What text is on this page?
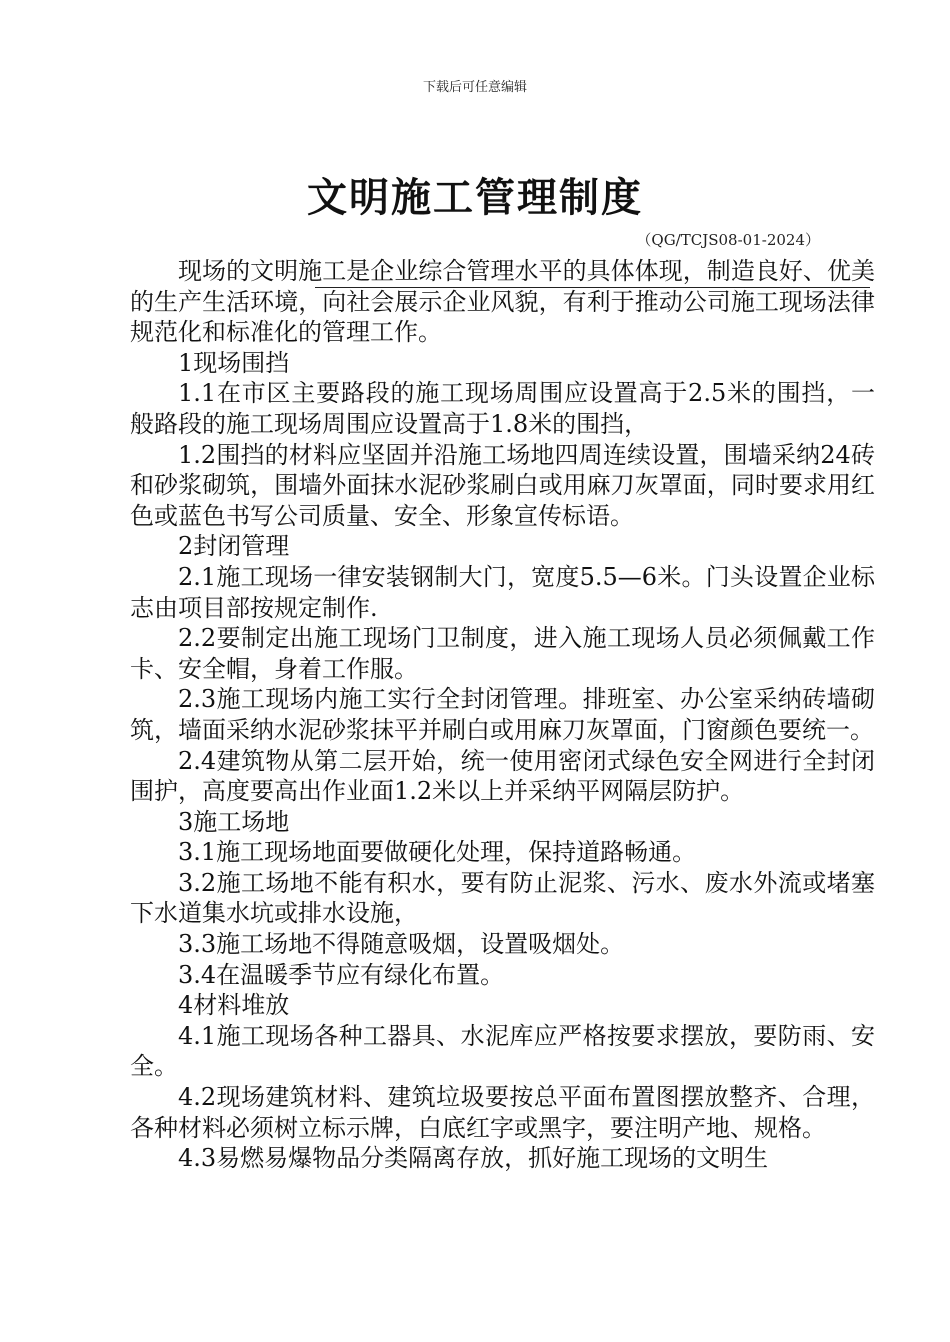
下载后可任意编辑
文明施工管理制度
（QG/TCJS08-01-2024）

现场的文明施工是企业综合管理水平的具体体现，制造良好、优美的生产生活环境，向社会展示企业风貌，有利于推动公司施工现场法律规范化和标准化的管理工作。

1现场围挡

1.1在市区主要路段的施工现场周围应设置高于2.5米的围挡，一般路段的施工现场周围应设置高于1.8米的围挡，

1.2围挡的材料应坚固并沿施工场地四周连续设置，围墙采纳24砖和砂浆砌筑，围墙外面抹水泥砂浆刷白或用麻刀灰罩面，同时要求用红色或蓝色书写公司质量、安全、形象宣传标语。

2封闭管理

2.1施工现场一律安装钢制大门，宽度5.5—6米。门头设置企业标志由项目部按规定制作.

2.2要制定出施工现场门卫制度，进入施工现场人员必须佩戴工作卡、安全帽，身着工作服。

2.3施工现场内施工实行全封闭管理。排班室、办公室采纳砖墙砌筑，墙面采纳水泥砂浆抹平并刷白或用麻刀灰罩面，门窗颜色要统一。

2.4建筑物从第二层开始，统一使用密闭式绿色安全网进行全封闭围护，高度要高出作业面1.2米以上并采纳平网隔层防护。

3施工场地

3.1施工现场地面要做硬化处理，保持道路畅通。

3.2施工场地不能有积水，要有防止泥浆、污水、废水外流或堵塞下水道集水坑或排水设施，

3.3施工场地不得随意吸烟，设置吸烟处。

3.4在温暖季节应有绿化布置。

4材料堆放

4.1施工现场各种工器具、水泥库应严格按要求摆放，要防雨、安全。

4.2现场建筑材料、建筑垃圾要按总平面布置图摆放整齐、合理，各种材料必须树立标示牌，白底红字或黑字，要注明产地、规格。

4.3易燃易爆物品分类隔离存放，抓好施工现场的文明生
